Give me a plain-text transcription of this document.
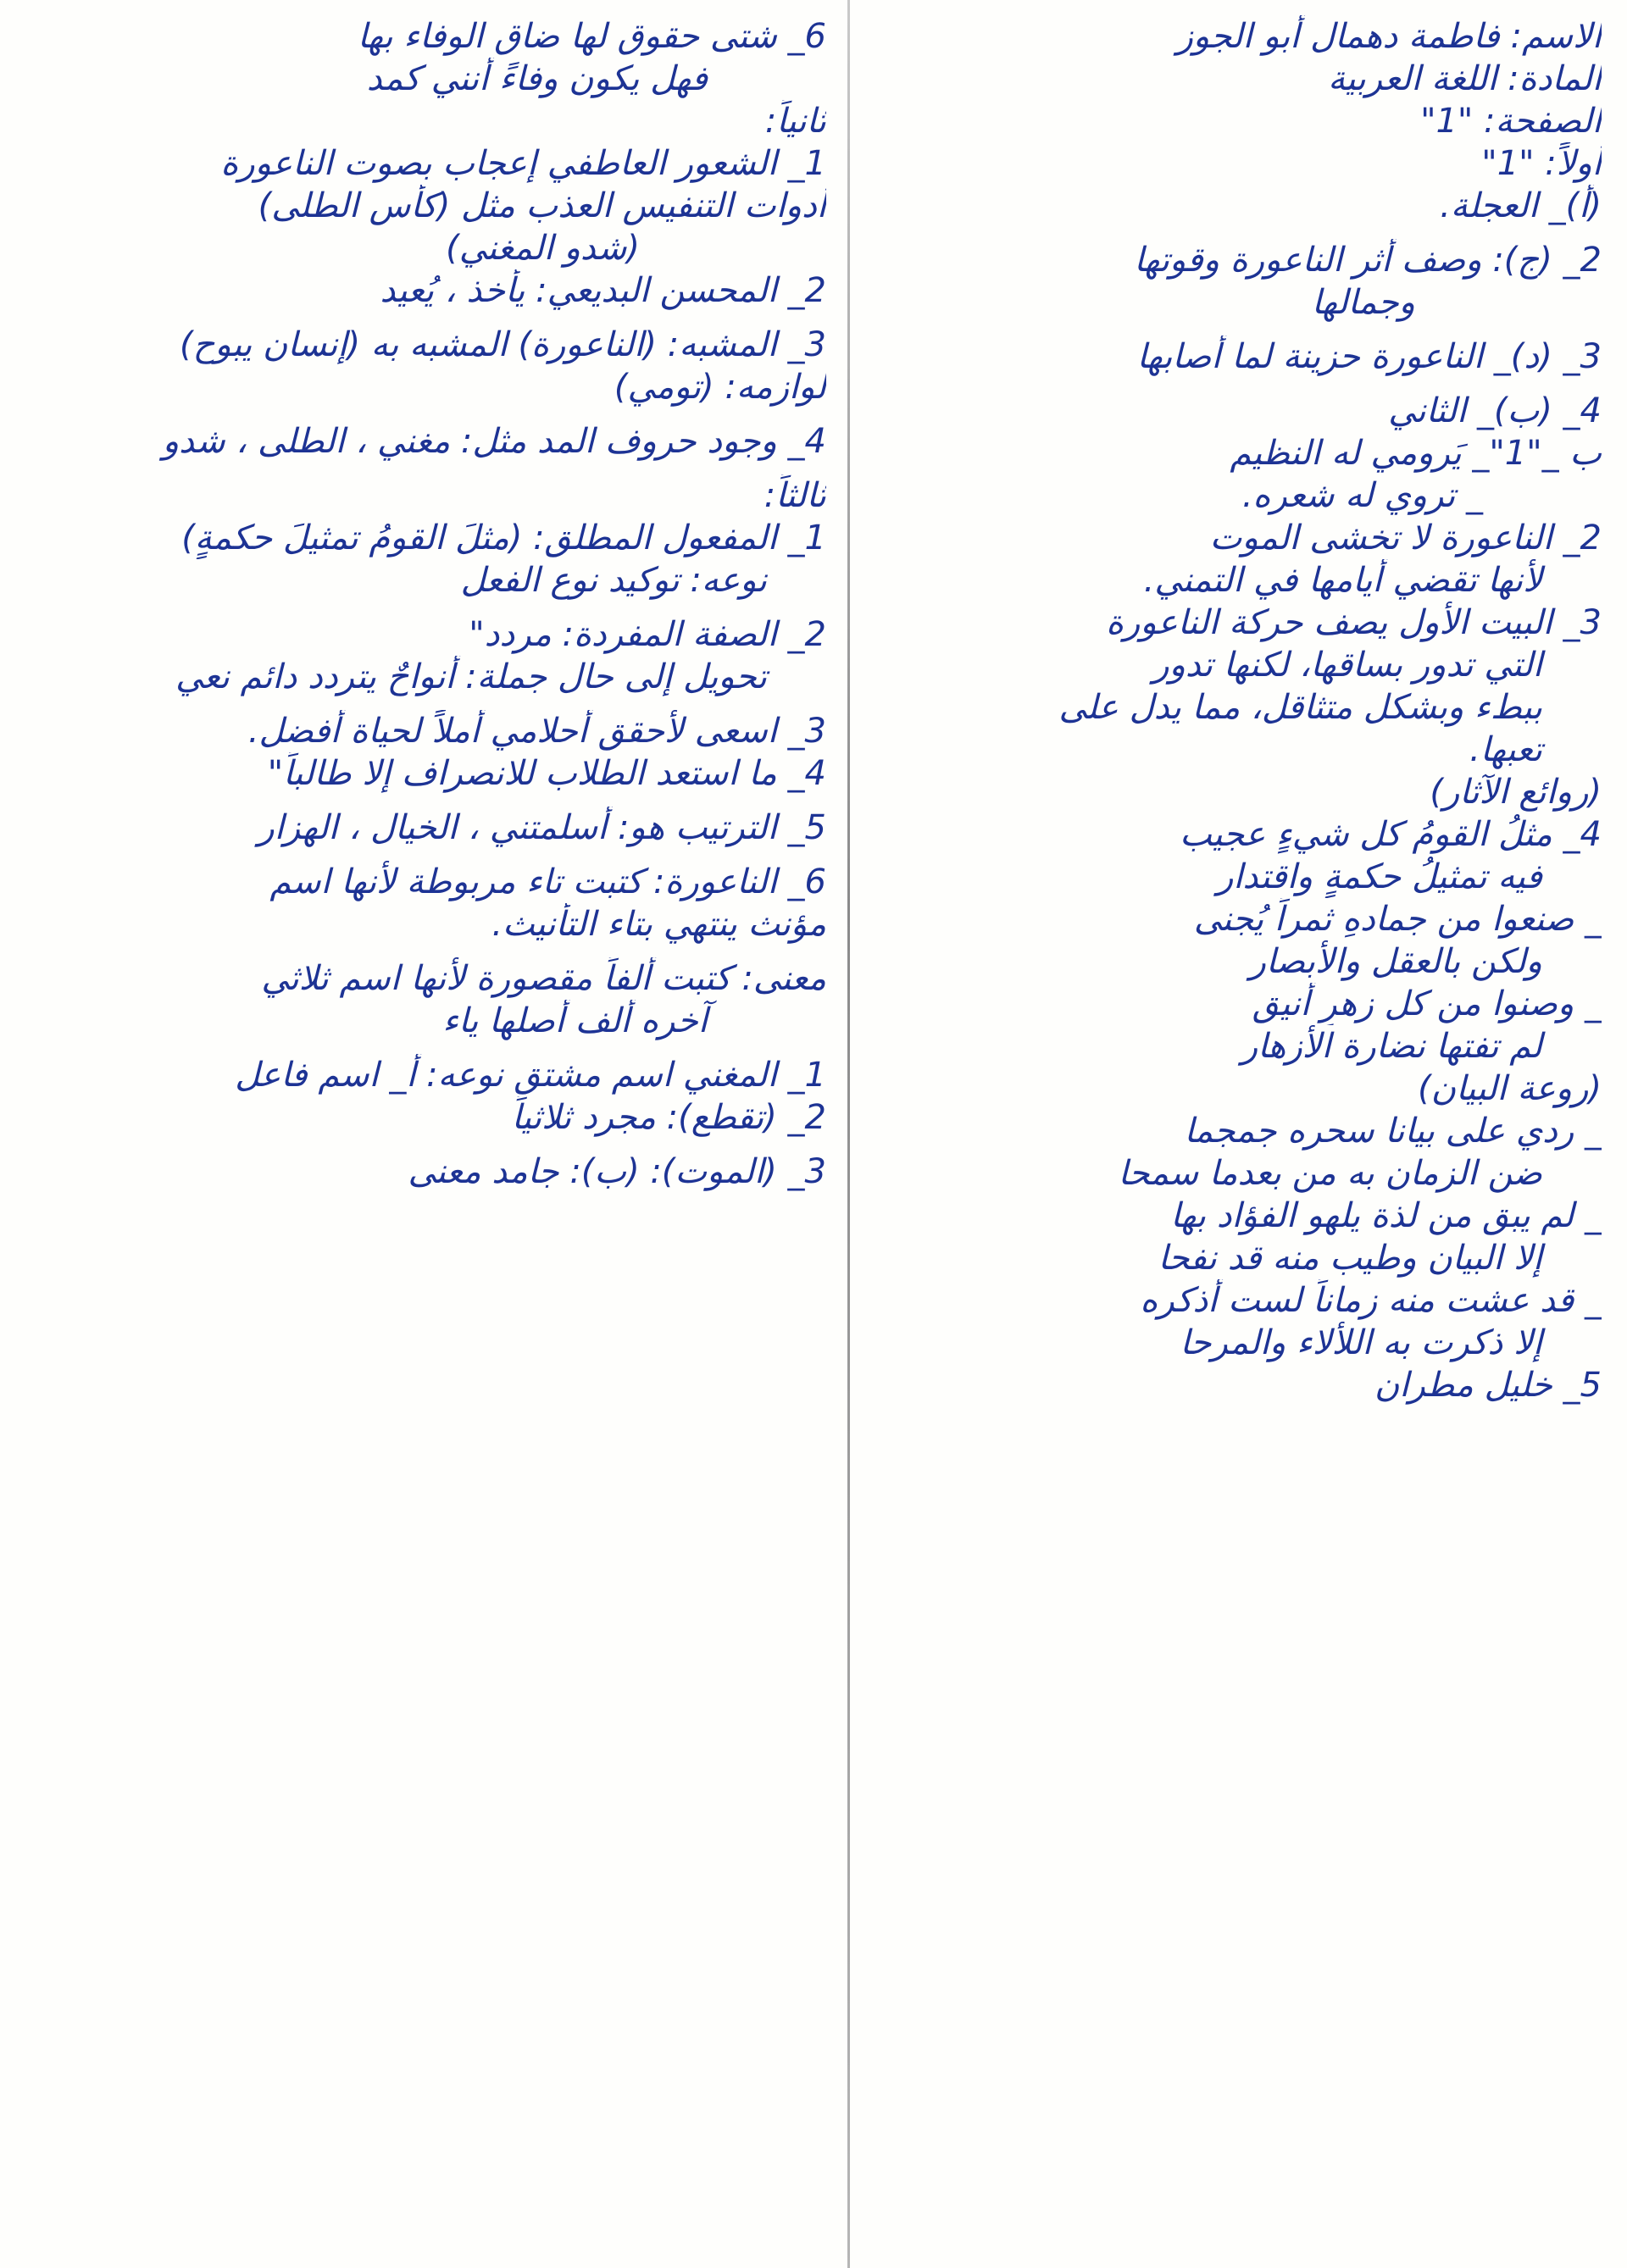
الاسم: فاطمة دهمال أبو الجوز
المادة: اللغة العربية
الصفحة: "1"
أولاً: "1"
(أ)_ العجلة.
2_ (ج): وصف أثر الناعورة وقوتها
وجمالها
3_ (د)_ الناعورة حزينة لما أصابها
4_ (ب)_ الثاني
ب _"1"_ يَرومي له النظيم
_ تروي له شعره.
2_ الناعورة لا تخشى الموت
لأنها تقضي أيامها في التمني.
3_ البيت الأول يصف حركة الناعورة
التي تدور بساقها، لكنها تدور
ببطء وبشكل متثاقل، مما يدل على
تعبها.
(روائع الآثار)
4_ مثلُ القومُ كل شيءٍ عجيب
فيه تمثيلُ حكمةٍ واقتدار
_ صنعوا من جمادهِ ثمراً يُجنى
ولكن بالعقل والأبصار
_ وصنوا من كل زهرٍ أنيق
لم تفتها نضارة الأزهار
(روعة البيان)
_ ردي على بيانا سحره جمجما
ضن الزمان به من بعدما سمحا
_ لم يبق من لذة يلهو الفؤاد بها
إلا البيان وطيب منه قد نفحا
_ قد عشت منه زماناً لست أذكره
إلا ذكرت به اللألاء والمرحا
5_ خليل مطران
6_ شتى حقوق لها ضاق الوفاء بها
فهل يكون وفاءً أنني كمد
ثانياً:
1_ الشعور العاطفي إعجاب بصوت الناعورة
أدوات التنفيس العذب مثل (كأس الطلى)
(شدو المغني)
2_ المحسن البديعي: يأخذ ، يُعيد
3_ المشبه: (الناعورة) المشبه به (إنسان يبوح)
لوازمه: (تومي)
4_ وجود حروف المد مثل: مغني ، الطلى ، شدو
ثالثاً:
1_ المفعول المطلق: (مثلَ القومُ تمثيلَ حكمةٍ)
نوعه: توكيد نوع الفعل
2_ الصفة المفردة: مردد"
تحويل إلى حال جملة: أنواحٌ يتردد دائم نعي
3_ اسعى لأحقق أحلامي أملاً لحياة أفضل.
4_ ما استعد الطلاب للانصراف إلا طالباً"
5_ الترتيب هو: أسلمتني ، الخيال ، الهزار
6_ الناعورة: كتبت تاء مربوطة لأنها اسم
مؤنث ينتهي بتاء التأنيث.
معنى: كتبت ألفاً مقصورة لأنها اسم ثلاثي
آخره ألف أصلها ياء
1_ المغني اسم مشتق نوعه: أ_ اسم فاعل
2_ (تقطع): مجرد ثلاثياً
3_ (الموت): (ب): جامد معنى
